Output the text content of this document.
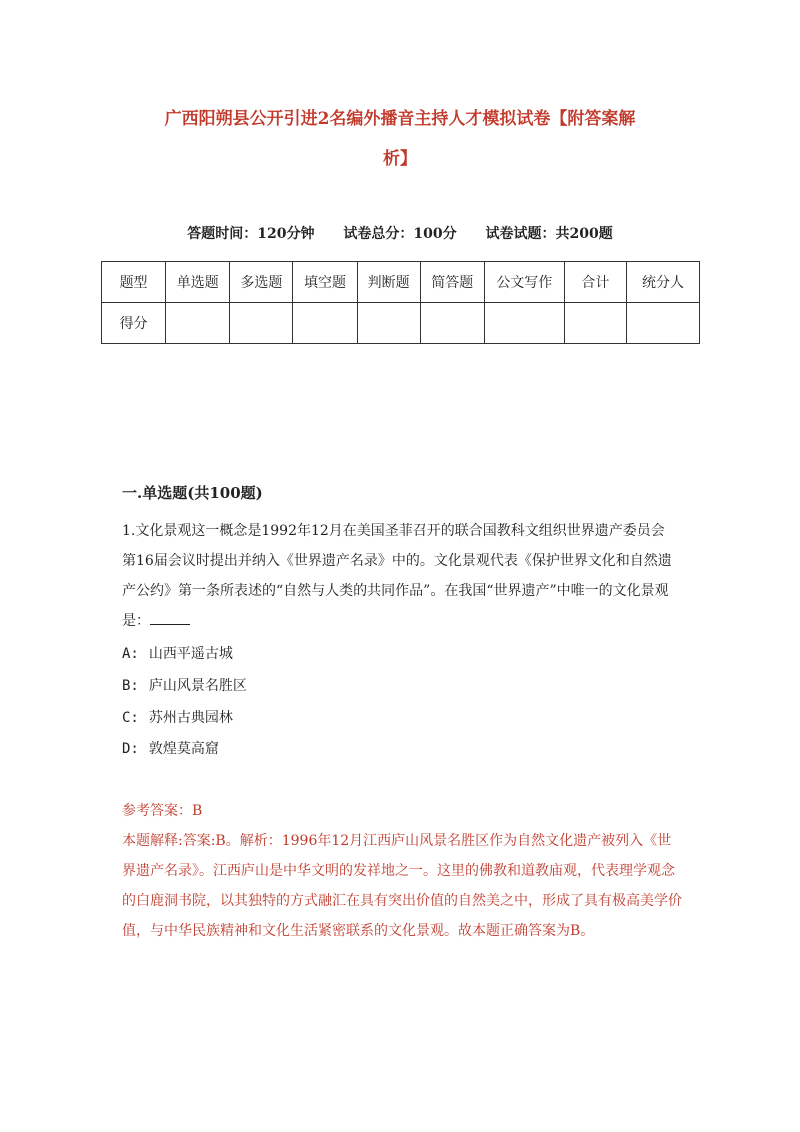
广西阳朔县公开引进2名编外播音主持人才模拟试卷【附答案解
析】
答题时间：120分钟 试卷总分：100分 试卷试题：共200题
题型	单选题	多选题	填空题	判断题	简答题	公文写作	合计	统分人
得分								
一.单选题(共100题)
1.文化景观这一概念是1992年12月在美国圣菲召开的联合国教科文组织世界遗产委员会第16届会议时提出并纳入《世界遗产名录》中的。文化景观代表《保护世界文化和自然遗产公约》第一条所表述的“自然与人类的共同作品”。在我国“世界遗产”中唯一的文化景观是：
A: 山西平遥古城
B: 庐山风景名胜区
C: 苏州古典园林
D: 敦煌莫高窟
参考答案：B
本题解释:答案:B。解析：1996年12月江西庐山风景名胜区作为自然文化遗产被列入《世界遗产名录》。江西庐山是中华文明的发祥地之一。这里的佛教和道教庙观，代表理学观念的白鹿洞书院，以其独特的方式融汇在具有突出价值的自然美之中，形成了具有极高美学价值，与中华民族精神和文化生活紧密联系的文化景观。故本题正确答案为B。
